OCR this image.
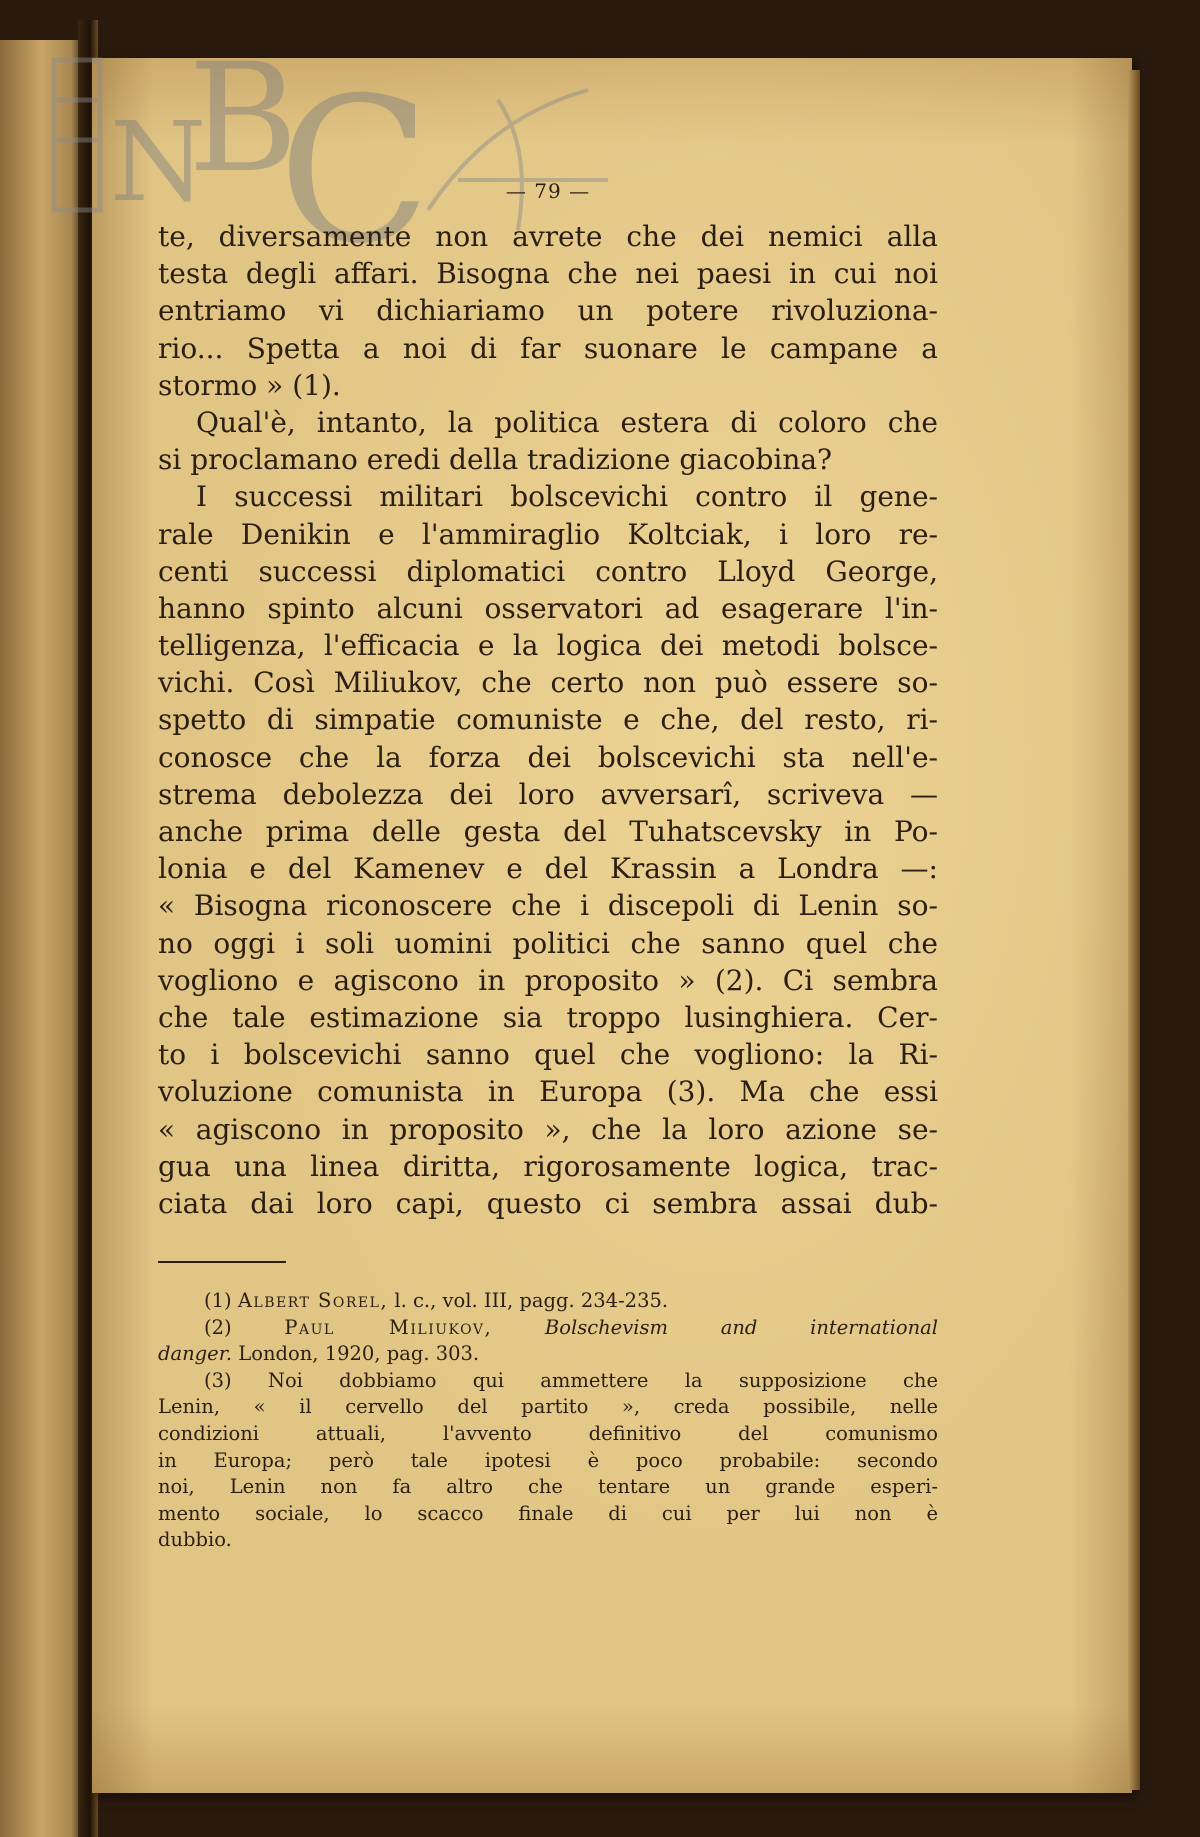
N
B
C	— 79 —
te, diversamente non avrete che dei nemici alla
testa degli affari. Bisogna che nei paesi in cui noi
entriamo vi dichiariamo un potere rivoluziona-
rio... Spetta a noi di far suonare le campane a
stormo » (1).
Qual'è, intanto, la politica estera di coloro che
si proclamano eredi della tradizione giacobina?
I successi militari bolscevichi contro il gene-
rale Denikin e l'ammiraglio Koltciak, i loro re-
centi successi diplomatici contro Lloyd George,
hanno spinto alcuni osservatori ad esagerare l'in-
telligenza, l'efficacia e la logica dei metodi bolsce-
vichi. Così Miliukov, che certo non può essere so-
spetto di simpatie comuniste e che, del resto, ri-
conosce che la forza dei bolscevichi sta nell'e-
strema debolezza dei loro avversarî, scriveva —
anche prima delle gesta del Tuhatscevsky in Po-
lonia e del Kamenev e del Krassin a Londra —:
« Bisogna riconoscere che i discepoli di Lenin so-
no oggi i soli uomini politici che sanno quel che
vogliono e agiscono in proposito » (2). Ci sembra
che tale estimazione sia troppo lusinghiera. Cer-
to i bolscevichi sanno quel che vogliono: la Ri-
voluzione comunista in Europa (3). Ma che essi
« agiscono in proposito », che la loro azione se-
gua una linea diritta, rigorosamente logica, trac-
ciata dai loro capi, questo ci sembra assai dub-
(1) Albert Sorel, l. c., vol. III, pagg. 234-235.
(2)	Paul Miliukov,	Bolschevism and international
danger. London, 1920, pag. 303.
(3) Noi dobbiamo qui ammettere la supposizione che
Lenin, « il cervello del partito », creda possibile, nelle
condizioni attuali, l'avvento definitivo del comunismo
in Europa; però tale ipotesi è poco probabile: secondo
noi, Lenin non fa altro che tentare un grande esperi-
mento sociale, lo scacco finale di cui per lui non è
dubbio.
